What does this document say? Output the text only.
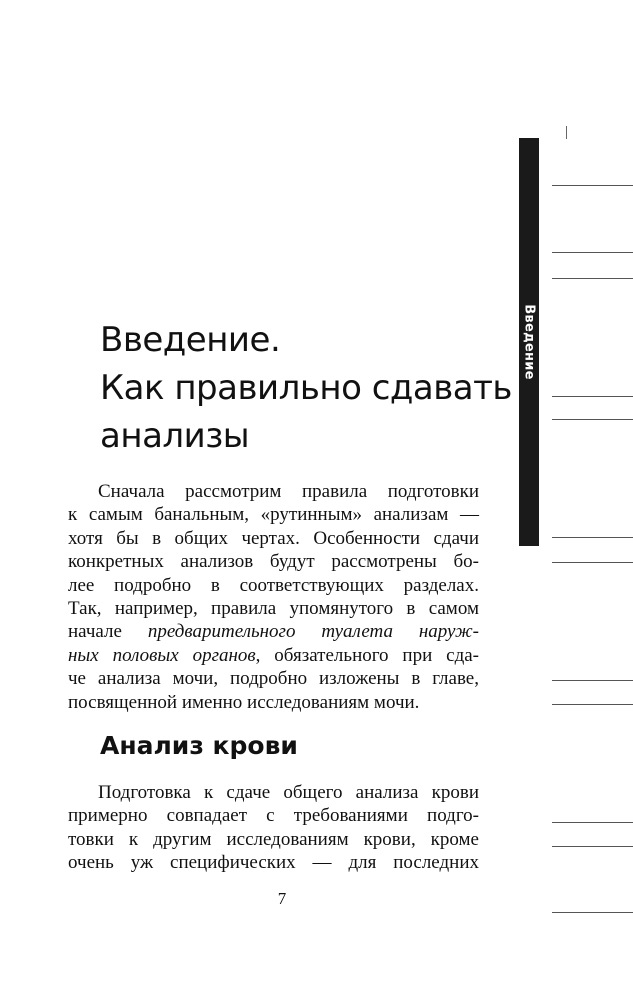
Введение.
Как правильно сдавать
анализы
Сначала рассмотрим правила подготовки
к самым банальным, «рутинным» анализам —
хотя бы в общих чертах. Особенности сдачи
конкретных анализов будут рассмотрены бо-
лее подробно в соответствующих разделах.
Так, например, правила упомянутого в самом
начале предварительного туалета наруж-
ных половых органов, обязательного при сда-
че анализа мочи, подробно изложены в главе,
посвященной именно исследованиям мочи.
Анализ крови
Подготовка к сдаче общего анализа крови
примерно совпадает с требованиями подго-
товки к другим исследованиям крови, кроме
очень уж специфических — для последних
7
Введение
